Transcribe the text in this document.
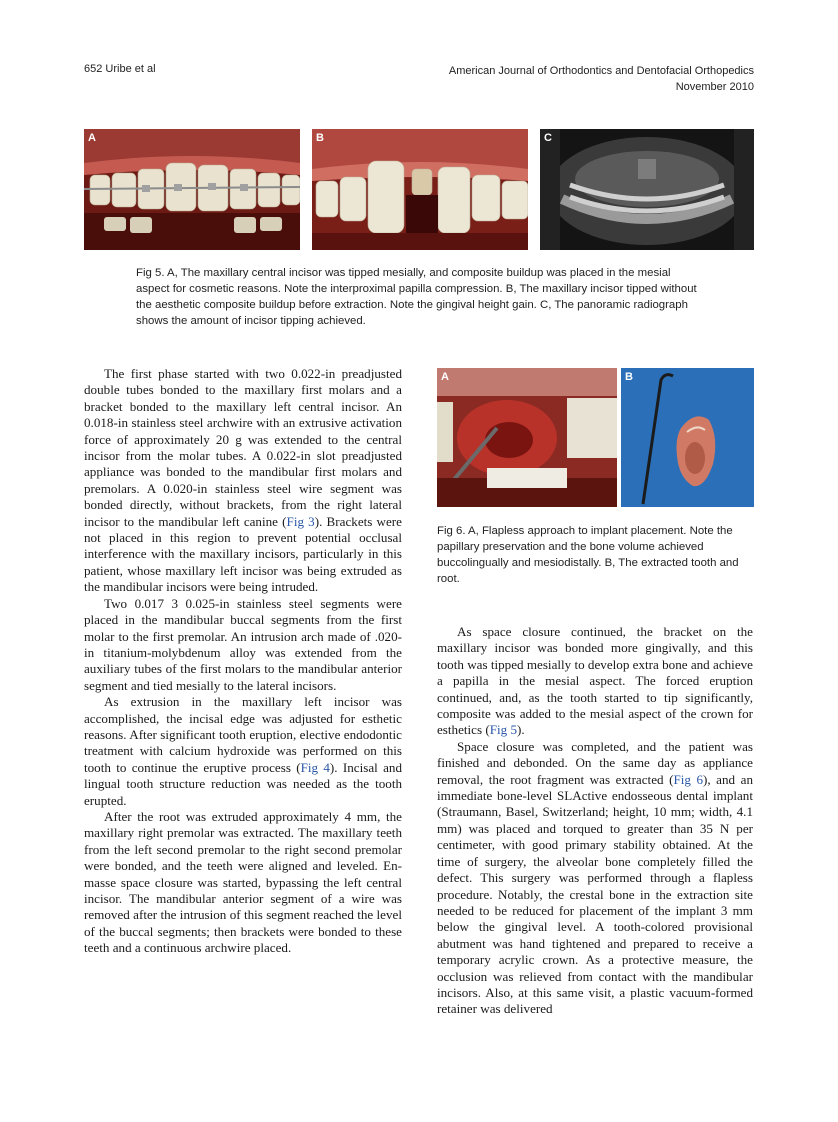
652 Uribe et al	American Journal of Orthodontics and Dentofacial Orthopedics
November 2010
A	B	C
Fig 5. A, The maxillary central incisor was tipped mesially, and composite buildup was placed in the mesial aspect for cosmetic reasons. Note the interproximal papilla compression. B, The maxillary incisor tipped without the aesthetic composite buildup before extraction. Note the gingival height gain. C, The panoramic radiograph shows the amount of incisor tipping achieved.
A	B
Fig 6. A, Flapless approach to implant placement. Note the papillary preservation and the bone volume achieved buccolingually and mesiodistally. B, The extracted tooth and root.

The first phase started with two 0.022-in preadjusted double tubes bonded to the maxillary first molars and a bracket bonded to the maxillary left central incisor. An 0.018-in stainless steel archwire with an extrusive activation force of approximately 20 g was extended to the central incisor from the molar tubes. A 0.022-in slot preadjusted appliance was bonded to the mandibular first molars and premolars. A 0.020-in stainless steel wire segment was bonded directly, without brackets, from the right lateral incisor to the mandibular left canine (Fig 3). Brackets were not placed in this region to prevent potential occlusal interference with the maxillary incisors, particularly in this patient, whose maxillary left incisor was being extruded as the mandibular incisors were being intruded.

Two 0.017 3 0.025-in stainless steel segments were placed in the mandibular buccal segments from the first molar to the first premolar. An intrusion arch made of .020-in titanium-molybdenum alloy was extended from the auxiliary tubes of the first molars to the mandibular anterior segment and tied mesially to the lateral incisors.

As extrusion in the maxillary left incisor was accomplished, the incisal edge was adjusted for esthetic reasons. After significant tooth eruption, elective endodontic treatment with calcium hydroxide was performed on this tooth to continue the eruptive process (Fig 4). Incisal and lingual tooth structure reduction was needed as the tooth erupted.

After the root was extruded approximately 4 mm, the maxillary right premolar was extracted. The maxillary teeth from the left second premolar to the right second premolar were bonded, and the teeth were aligned and leveled. En-masse space closure was started, bypassing the left central incisor. The mandibular anterior segment of a wire was removed after the intrusion of this segment reached the level of the buccal segments; then brackets were bonded to these teeth and a continuous archwire placed.

As space closure continued, the bracket on the maxillary incisor was bonded more gingivally, and this tooth was tipped mesially to develop extra bone and achieve a papilla in the mesial aspect. The forced eruption continued, and, as the tooth started to tip significantly, composite was added to the mesial aspect of the crown for esthetics (Fig 5).

Space closure was completed, and the patient was finished and debonded. On the same day as appliance removal, the root fragment was extracted (Fig 6), and an immediate bone-level SLActive endosseous dental implant (Straumann, Basel, Switzerland; height, 10 mm; width, 4.1 mm) was placed and torqued to greater than 35 N per centimeter, with good primary stability obtained. At the time of surgery, the alveolar bone completely filled the defect. This surgery was performed through a flapless procedure. Notably, the crestal bone in the extraction site needed to be reduced for placement of the implant 3 mm below the gingival level. A tooth-colored provisional abutment was hand tightened and prepared to receive a temporary acrylic crown. As a protective measure, the occlusion was relieved from contact with the mandibular incisors. Also, at this same visit, a plastic vacuum-formed retainer was delivered
